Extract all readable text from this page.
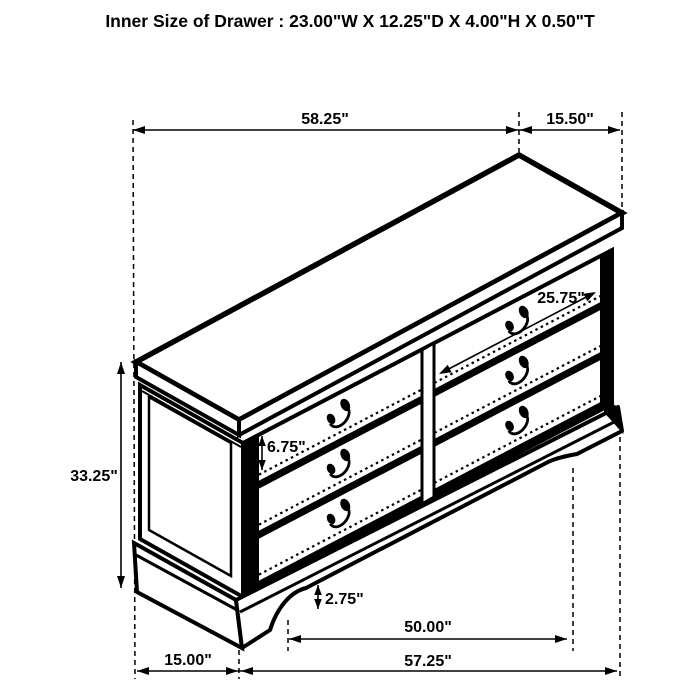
Inner Size of Drawer : 23.00"W X 12.25"D X 4.00"H X 0.50"T
58.25"	15.50"
33.25"
6.75"
25.75"
2.75"
50.00"
57.25"
15.00"
